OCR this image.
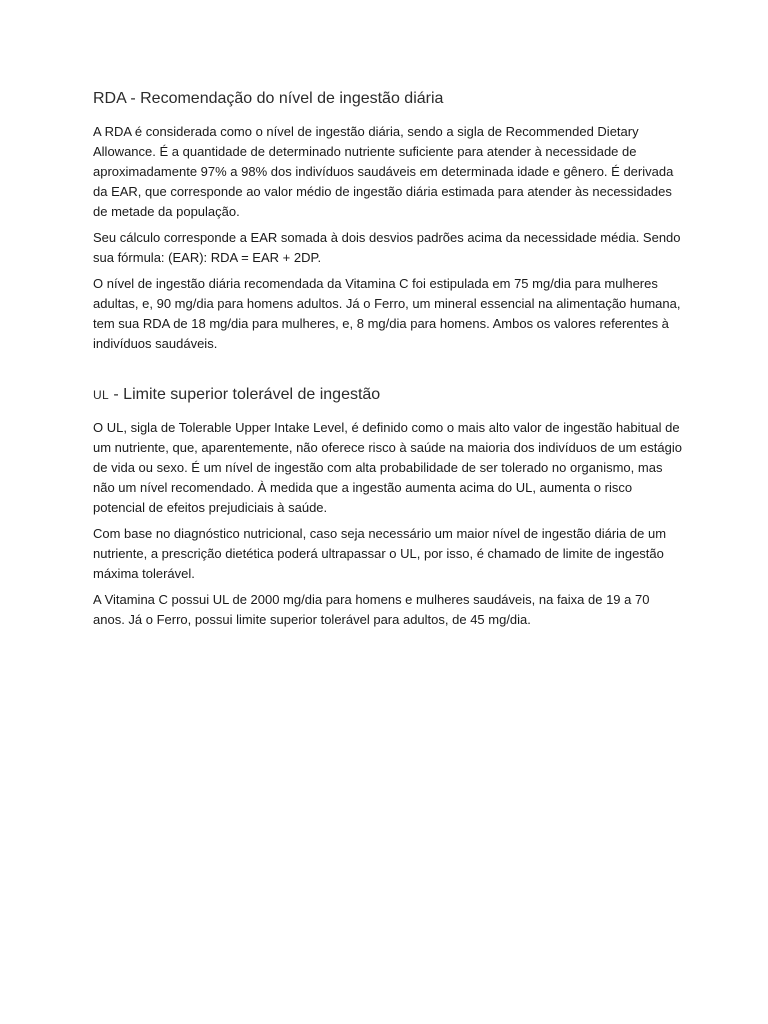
RDA - Recomendação do nível de ingestão diária

A RDA é considerada como o nível de ingestão diária, sendo a sigla de Recommended Dietary Allowance. É a quantidade de determinado nutriente suficiente para atender à necessidade de aproximadamente 97% a 98% dos indivíduos saudáveis em determinada idade e gênero. É derivada da EAR, que corresponde ao valor médio de ingestão diária estimada para atender às necessidades de metade da população.

Seu cálculo corresponde a EAR somada à dois desvios padrões acima da necessidade média. Sendo sua fórmula: (EAR): RDA = EAR + 2DP.

O nível de ingestão diária recomendada da Vitamina C foi estipulada em 75 mg/dia para mulheres adultas, e, 90 mg/dia para homens adultos. Já o Ferro, um mineral essencial na alimentação humana, tem sua RDA de 18 mg/dia para mulheres, e, 8 mg/dia para homens. Ambos os valores referentes à indivíduos saudáveis.

UL - Limite superior tolerável de ingestão

O UL, sigla de Tolerable Upper Intake Level, é definido como o mais alto valor de ingestão habitual de um nutriente, que, aparentemente, não oferece risco à saúde na maioria dos indivíduos de um estágio de vida ou sexo. É um nível de ingestão com alta probabilidade de ser tolerado no organismo, mas não um nível recomendado. À medida que a ingestão aumenta acima do UL, aumenta o risco potencial de efeitos prejudiciais à saúde.

Com base no diagnóstico nutricional, caso seja necessário um maior nível de ingestão diária de um nutriente, a prescrição dietética poderá ultrapassar o UL, por isso, é chamado de limite de ingestão máxima tolerável.

A Vitamina C possui UL de 2000 mg/dia para homens e mulheres saudáveis, na faixa de 19 a 70 anos. Já o Ferro, possui limite superior tolerável para adultos, de 45 mg/dia.
